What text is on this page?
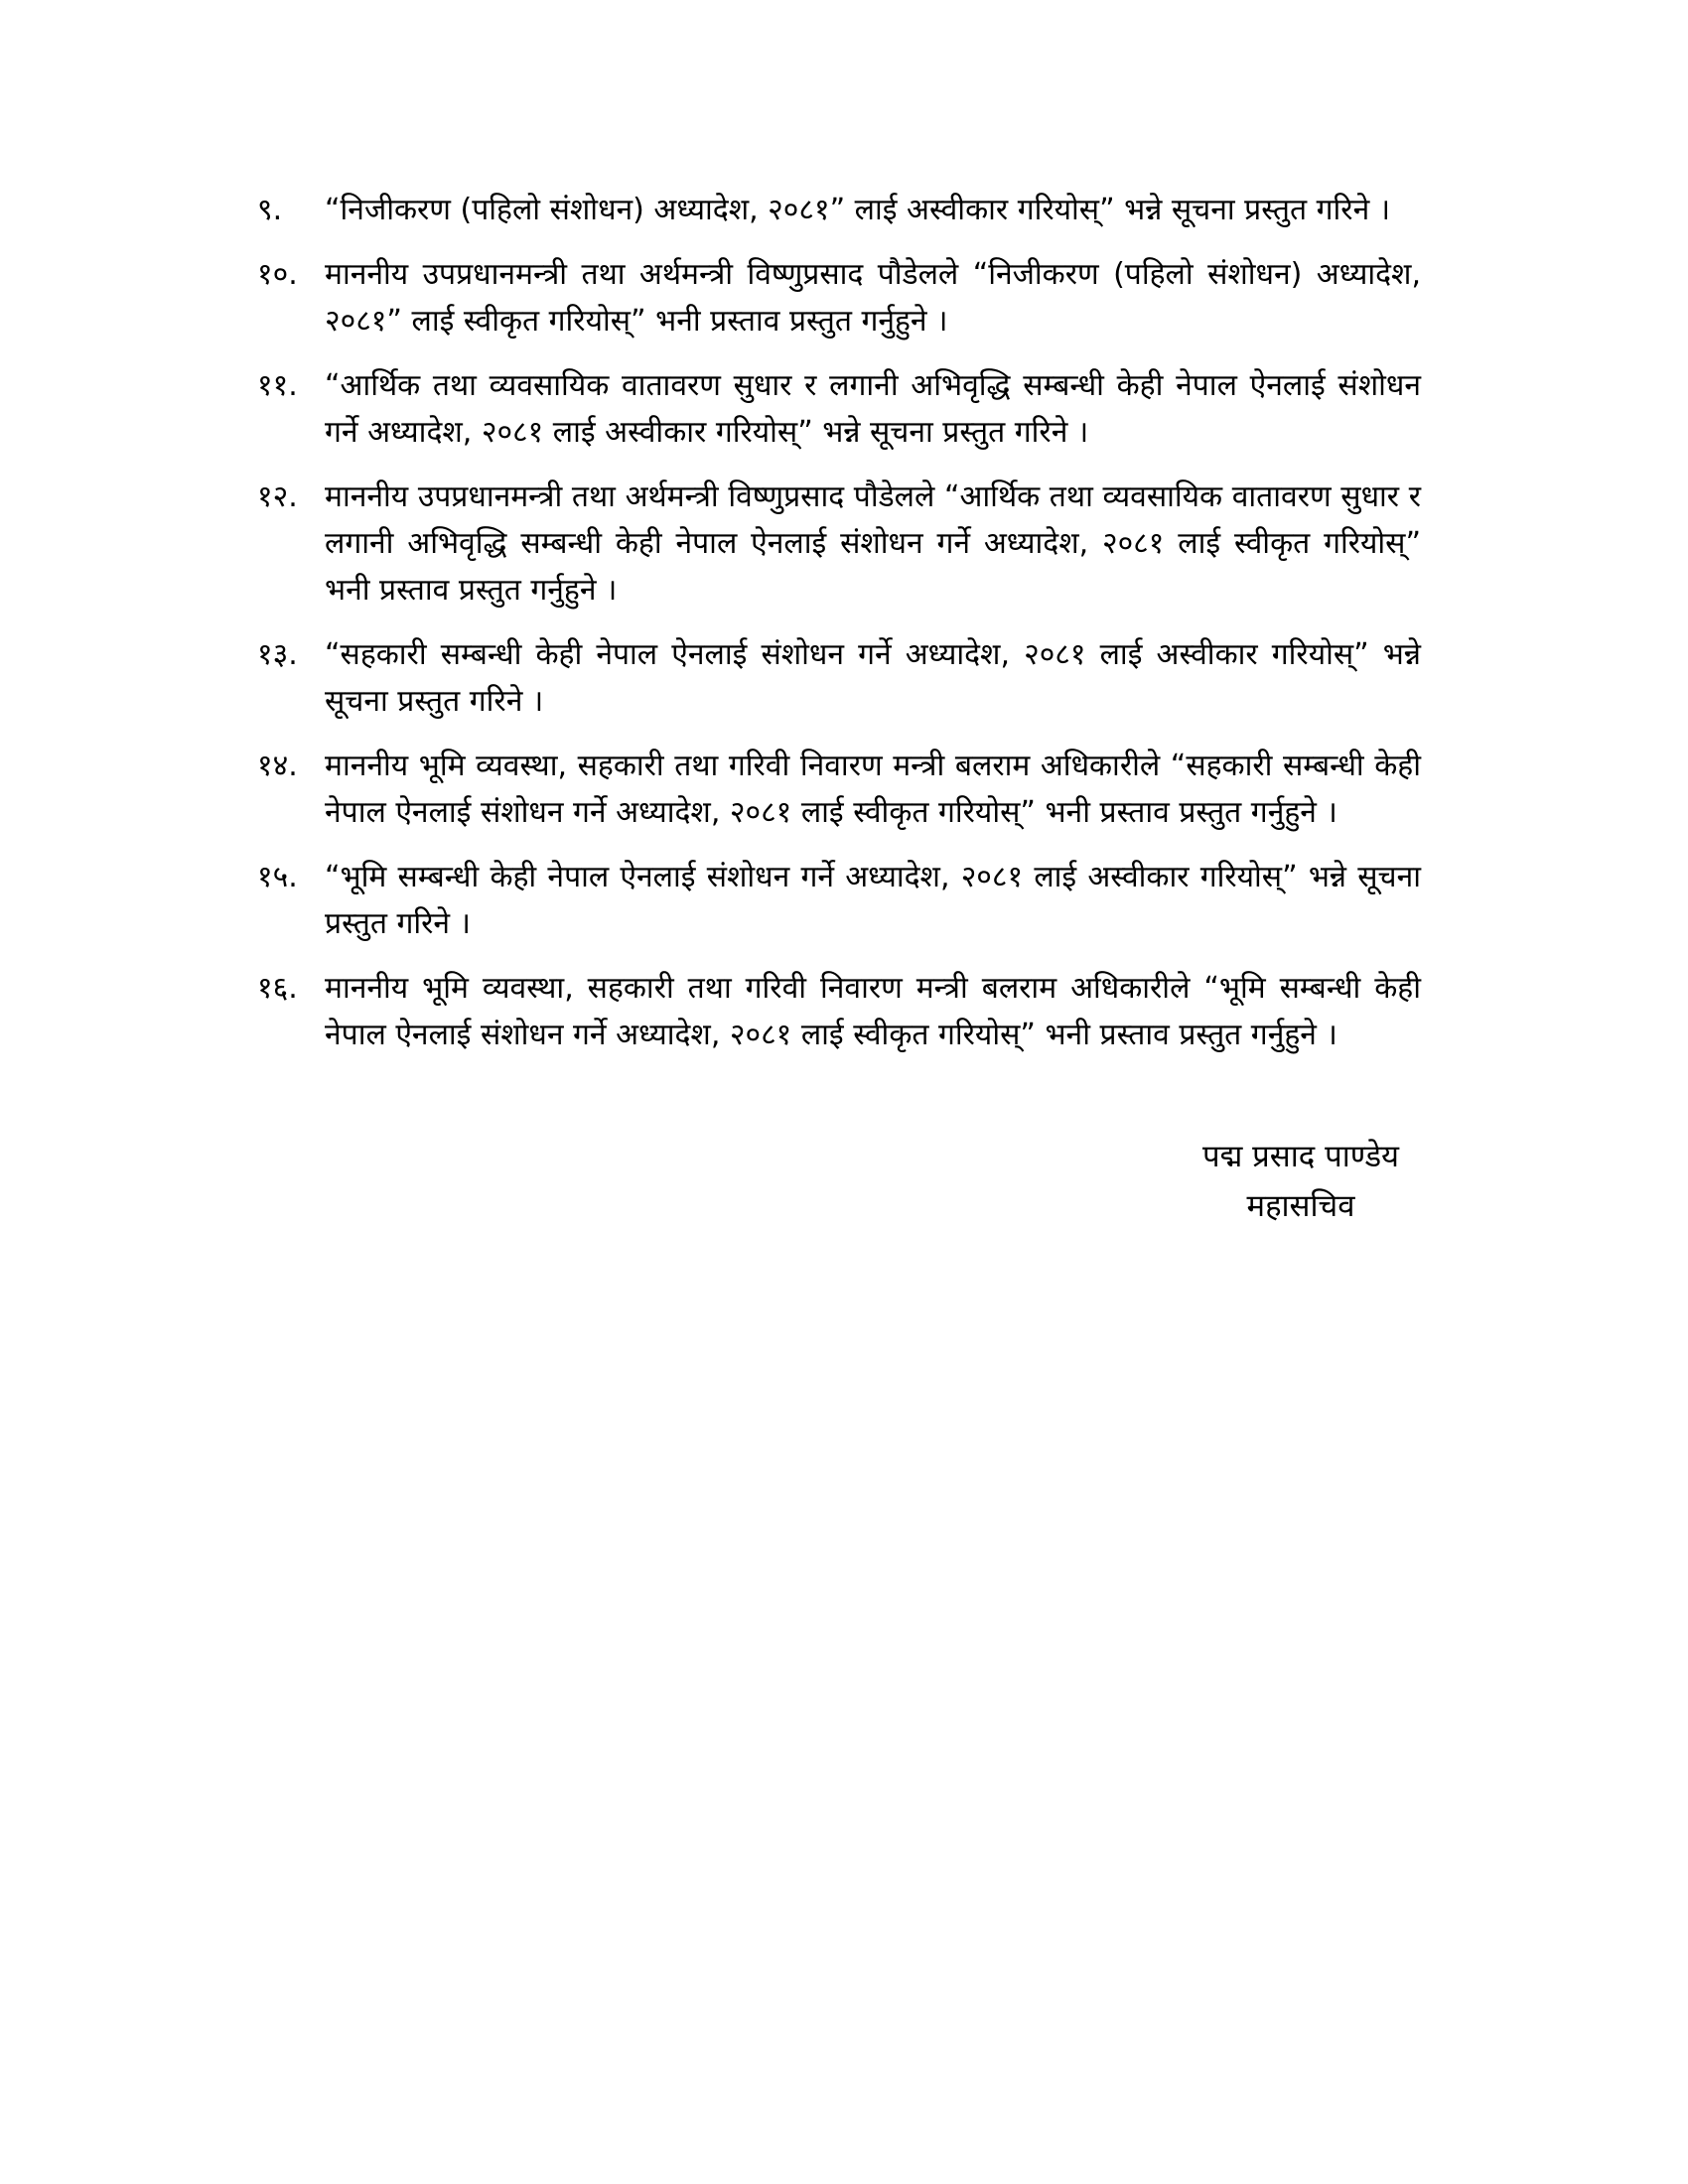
९.	“निजीकरण (पहिलो संशोधन) अध्यादेश, २०८१” लाई अस्वीकार गरियोस्” भन्ने सूचना प्रस्तुत गरिने ।
१०. माननीय उपप्रधानमन्त्री तथा अर्थमन्त्री विष्णुप्रसाद पौडेलले “निजीकरण (पहिलो संशोधन) अध्यादेश, २०८१” लाई स्वीकृत गरियोस्” भनी प्रस्ताव प्रस्तुत गर्नुहुने ।
११. “आर्थिक तथा व्यवसायिक वातावरण सुधार र लगानी अभिवृद्धि सम्बन्धी केही नेपाल ऐनलाई संशोधन गर्ने अध्यादेश, २०८१ लाई अस्वीकार गरियोस्” भन्ने सूचना प्रस्तुत गरिने ।
१२. माननीय उपप्रधानमन्त्री तथा अर्थमन्त्री विष्णुप्रसाद पौडेलले “आर्थिक तथा व्यवसायिक वातावरण सुधार र लगानी अभिवृद्धि सम्बन्धी केही नेपाल ऐनलाई संशोधन गर्ने अध्यादेश, २०८१ लाई स्वीकृत गरियोस्” भनी प्रस्ताव प्रस्तुत गर्नुहुने ।
१३. “सहकारी सम्बन्धी केही नेपाल ऐनलाई संशोधन गर्ने अध्यादेश, २०८१ लाई अस्वीकार गरियोस्” भन्ने सूचना प्रस्तुत गरिने ।
१४. माननीय भूमि व्यवस्था, सहकारी तथा गरिवी निवारण मन्त्री बलराम अधिकारीले “सहकारी सम्बन्धी केही नेपाल ऐनलाई संशोधन गर्ने अध्यादेश, २०८१ लाई स्वीकृत गरियोस्” भनी प्रस्ताव प्रस्तुत गर्नुहुने ।
१५. “भूमि सम्बन्धी केही नेपाल ऐनलाई संशोधन गर्ने अध्यादेश, २०८१ लाई अस्वीकार गरियोस्” भन्ने सूचना प्रस्तुत गरिने ।
१६. माननीय भूमि व्यवस्था, सहकारी तथा गरिवी निवारण मन्त्री बलराम अधिकारीले “भूमि सम्बन्धी केही नेपाल ऐनलाई संशोधन गर्ने अध्यादेश, २०८१ लाई स्वीकृत गरियोस्” भनी प्रस्ताव प्रस्तुत गर्नुहुने ।
पद्म प्रसाद पाण्डेय
महासचिव
